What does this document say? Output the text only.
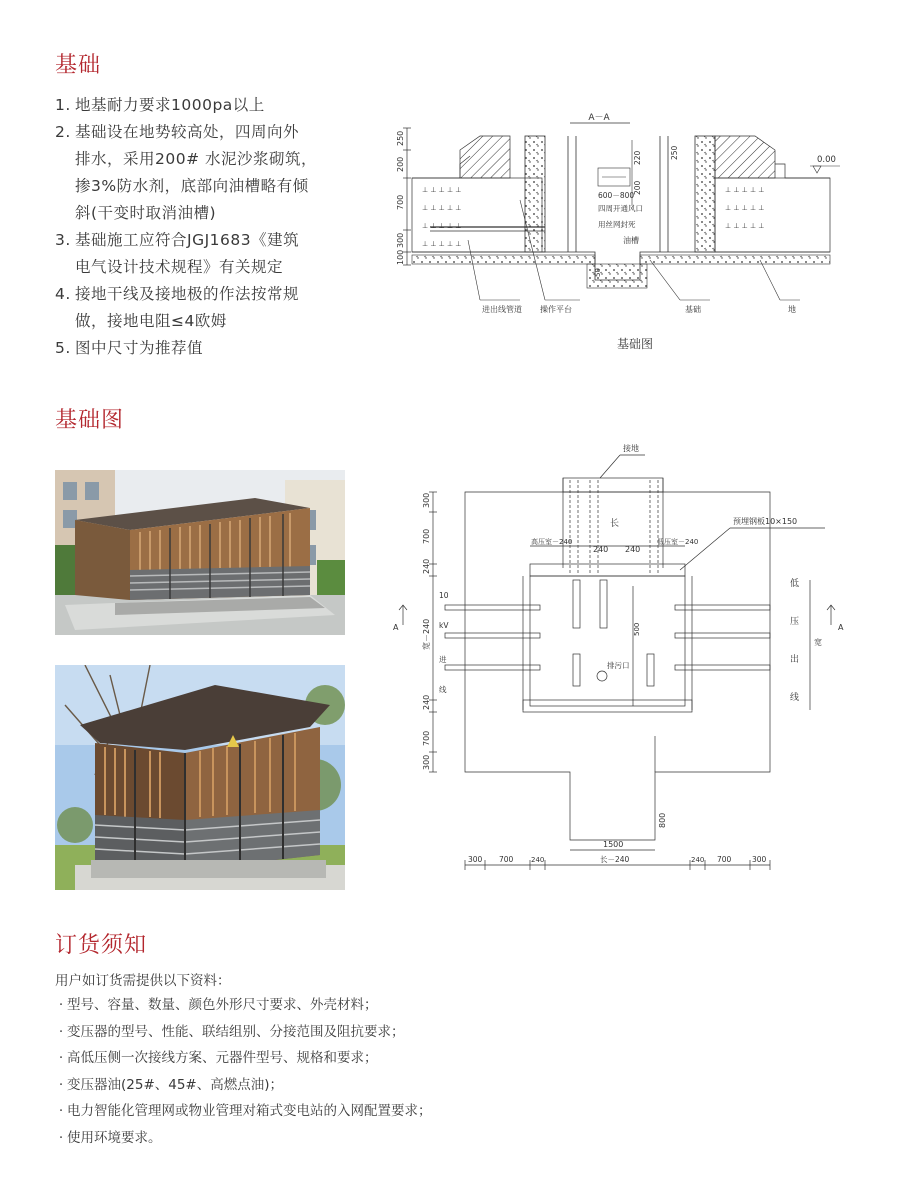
基础
1. 地基耐力要求1000pa以上
2. 基础设在地势较高处，四周向外
排水，采用200# 水泥沙浆砌筑，
掺3%防水剂，底部向油槽略有倾
斜(干变时取消油槽)
3. 基础施工应符合JGJ1683《建筑
电气设计技术规程》有关规定
4. 接地干线及接地极的作法按常规
做，接地电阻≤4欧姆
5. 图中尺寸为推荐值
A－A
250
200
700
300
100
⊥ ⊥ ⊥ ⊥ ⊥
⊥ ⊥ ⊥ ⊥ ⊥
⊥ ⊥ ⊥ ⊥ ⊥
⊥ ⊥ ⊥ ⊥ ⊥
⊥ ⊥ ⊥ ⊥ ⊥
⊥ ⊥ ⊥ ⊥ ⊥
⊥ ⊥ ⊥ ⊥ ⊥
220
200
250
50
600－800
四周开通风口
用丝网封死
油槽
0.00
进出线管道 操作平台	基础	地
基础图
基础图
接地
长	预埋钢板10×150
高压室－240
240 240
低压室－240
300
700
240
宽－240
240
700
300
10
kV
进
线
低
压
出
线
宽
A	A
500
排污口
800
1500
300 700	240	长－240	240 700	300
订货须知

用户如订货需提供以下资料：

· 型号、容量、数量、颜色外形尺寸要求、外壳材料；
· 变压器的型号、性能、联结组别、分接范围及阻抗要求；
· 高低压侧一次接线方案、元器件型号、规格和要求；
· 变压器油(25#、45#、高燃点油)；
· 电力智能化管理网或物业管理对箱式变电站的入网配置要求；
· 使用环境要求。
